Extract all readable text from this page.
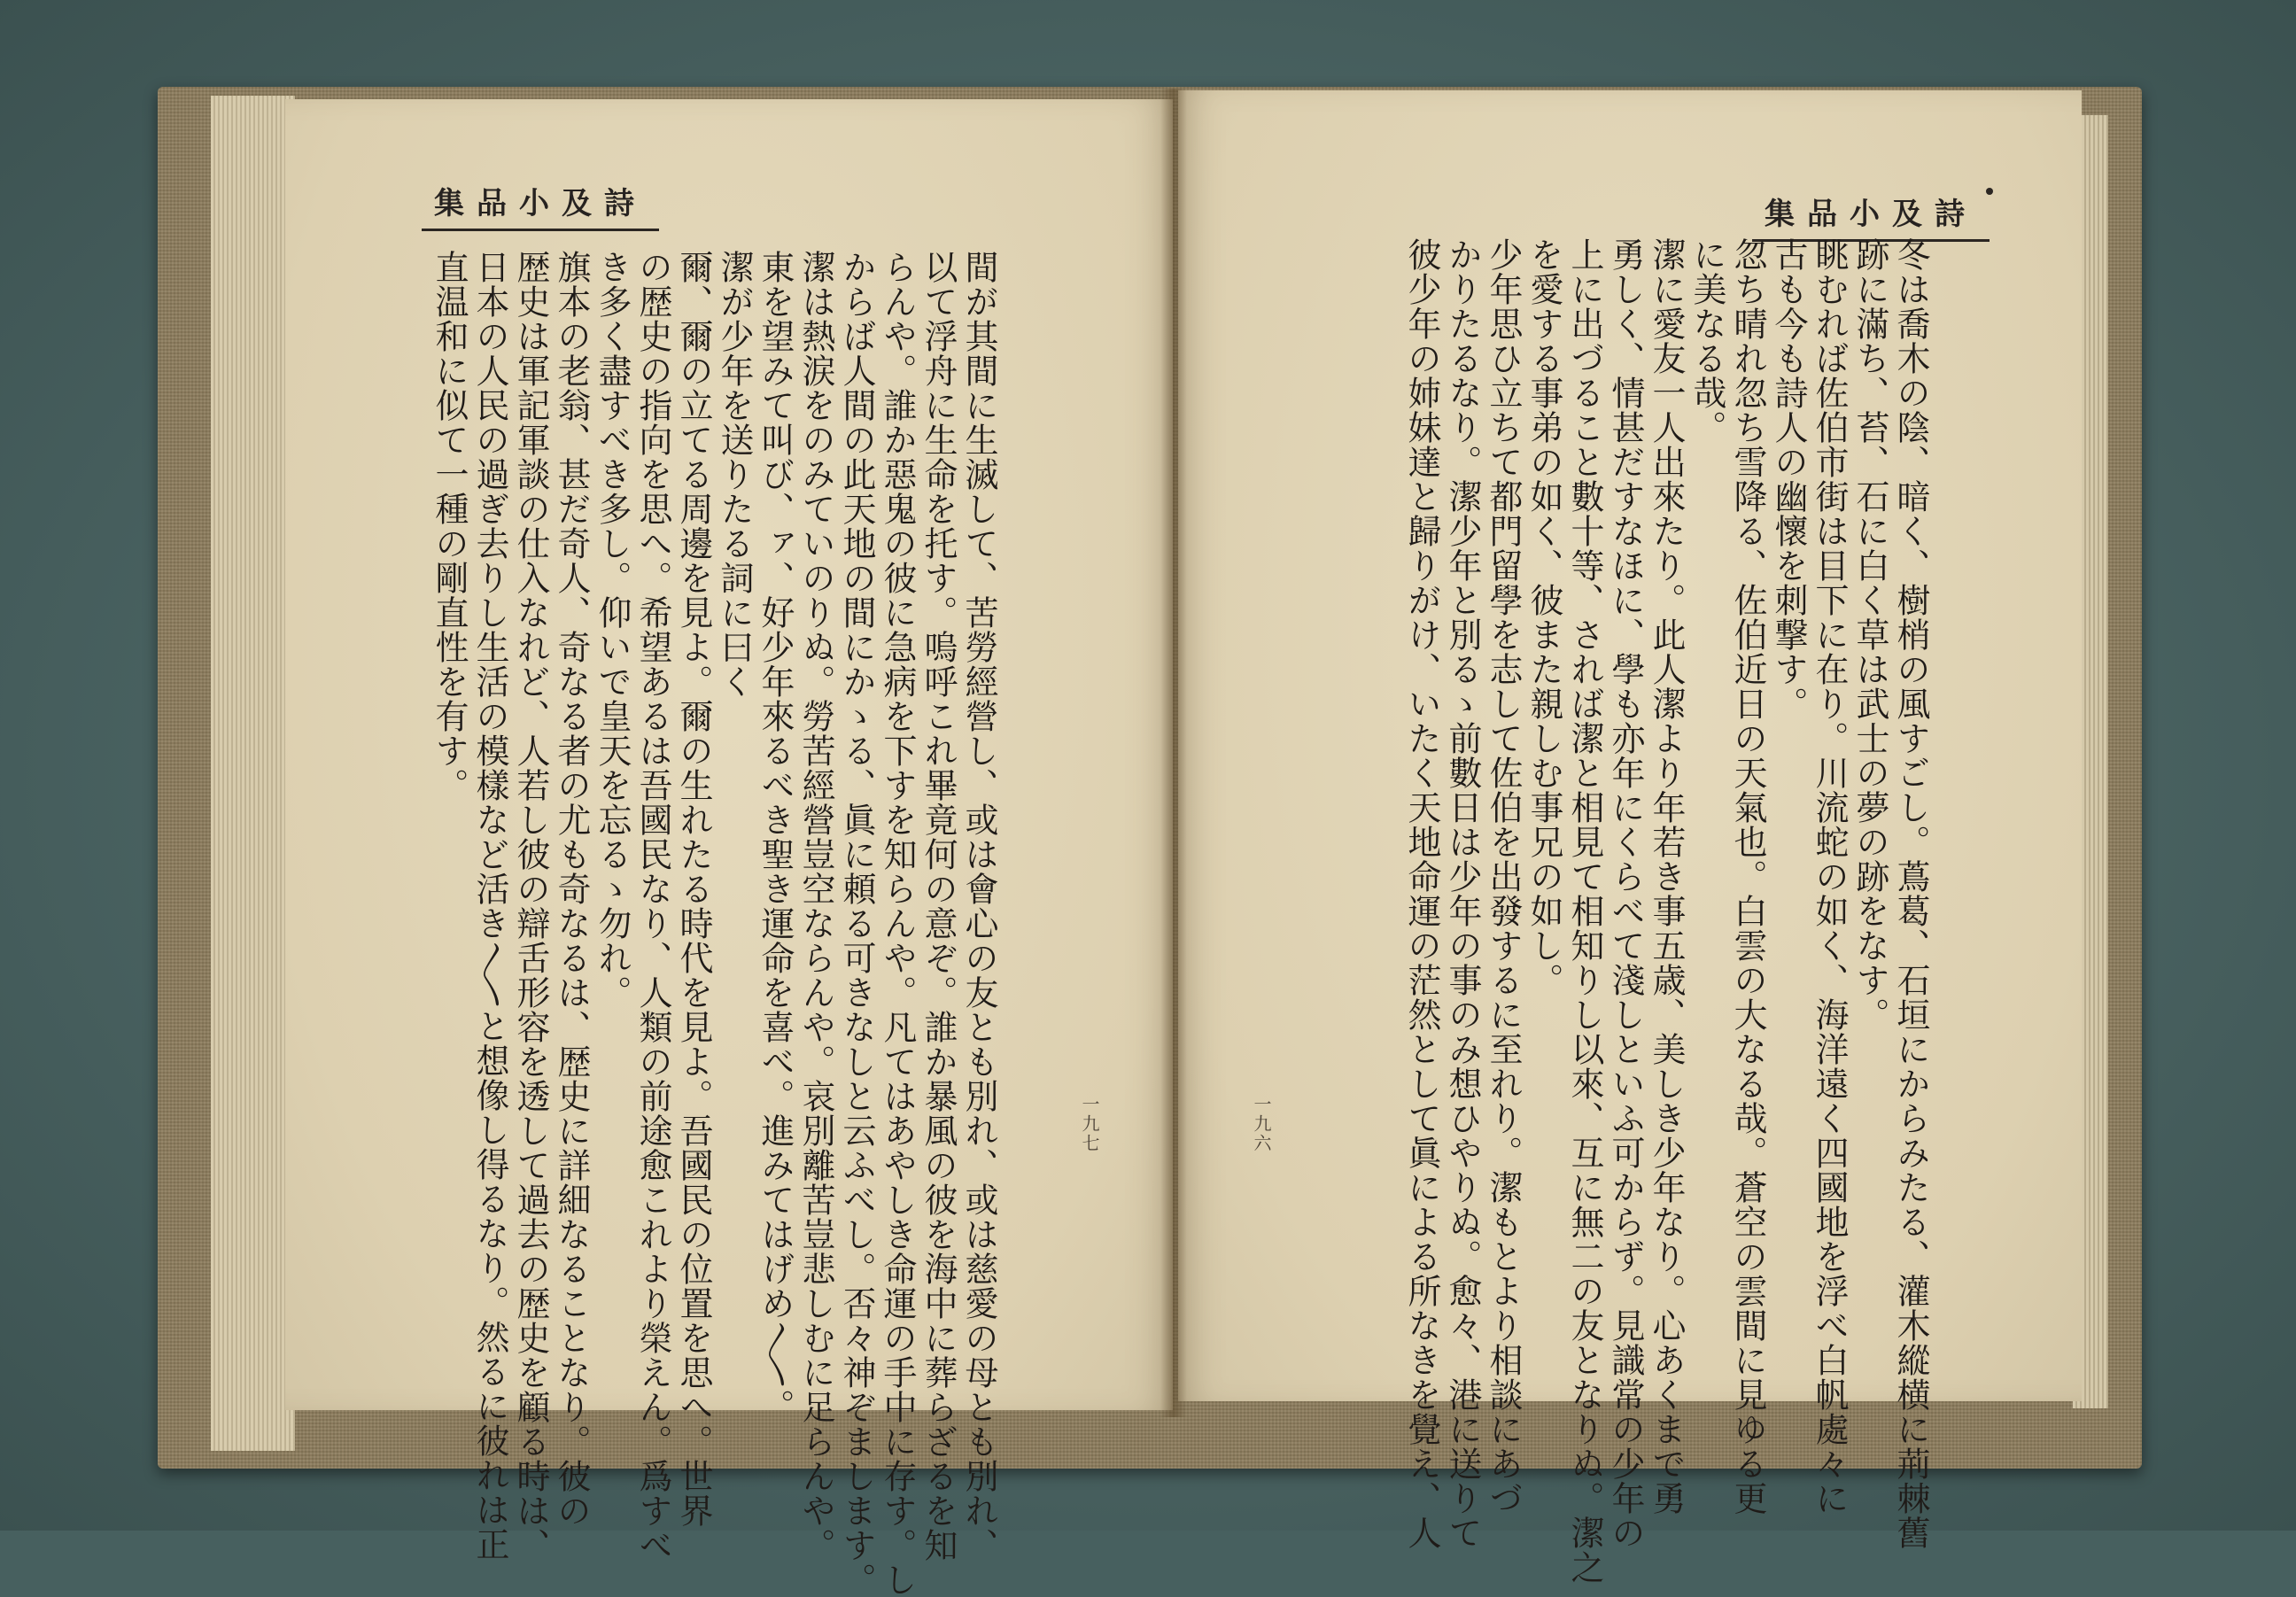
集品小及詩	集品小及詩
間が其間に生滅して、苦勞經營し、或は會心の友とも別れ、或は慈愛の母とも別れ、
以て浮舟に生命を托す。嗚呼これ畢竟何の意ぞ。誰か暴風の彼を海中に葬らざるを知
らんや。誰か惡鬼の彼に急病を下すを知らんや。凡てはあやしき命運の手中に存す。し
からば人間の此天地の間にかゝる、眞に頼る可きなしと云ふべし。否々神ぞまします。
潔は熱涙をのみていのりぬ。勞苦經營豈空ならんや。哀別離苦豈悲しむに足らんや。
東を望みて叫び、ァ、好少年來るべき聖き運命を喜べ。進みてはげめ〳〵。
潔が少年を送りたる詞に曰く
爾、爾の立てる周邊を見よ。爾の生れたる時代を見よ。吾國民の位置を思へ。世界
の歴史の指向を思へ。希望あるは吾國民なり、人類の前途愈これより榮えん。爲すべ
き多く盡すべき多し。仰いで皇天を忘るゝ勿れ。
旗本の老翁、甚だ奇人、奇なる者の尤も奇なるは、歴史に詳細なることなり。彼の
歴史は軍記軍談の仕入なれど、人若し彼の辯舌形容を透して過去の歴史を顧る時は、
日本の人民の過ぎ去りし生活の模樣など活き〳〵と想像し得るなり。然るに彼れは正
直温和に似て一種の剛直性を有す。	冬は喬木の陰、暗く、樹梢の風すごし。蔦葛、石垣にからみたる、灌木縱横に荊棘舊
跡に滿ち、苔、石に白く草は武士の夢の跡をなす。
眺むれば佐伯市街は目下に在り。川流蛇の如く、海洋遠く四國地を浮べ白帆處々に
古も今も詩人の幽懷を刺撃す。
忽ち晴れ忽ち雪降る、佐伯近日の天氣也。白雲の大なる哉。蒼空の雲間に見ゆる更
に美なる哉。
潔に愛友一人出來たり。此人潔より年若き事五歳、美しき少年なり。心あくまで勇
勇しく、情甚だすなほに、學も亦年にくらべて淺しといふ可からず。見識常の少年の
上に出づること數十等、されば潔と相見て相知りし以來、互に無二の友となりぬ。潔之
を愛する事弟の如く、彼また親しむ事兄の如し。
少年思ひ立ちて都門留學を志して佐伯を出發するに至れり。潔もとより相談にあづ
かりたるなり。潔少年と別るゝ前數日は少年の事のみ想ひやりぬ。愈々、港に送りて
彼少年の姉妹達と歸りがけ、いたく天地命運の茫然として眞による所なきを覺え、人
一九七	一九六
